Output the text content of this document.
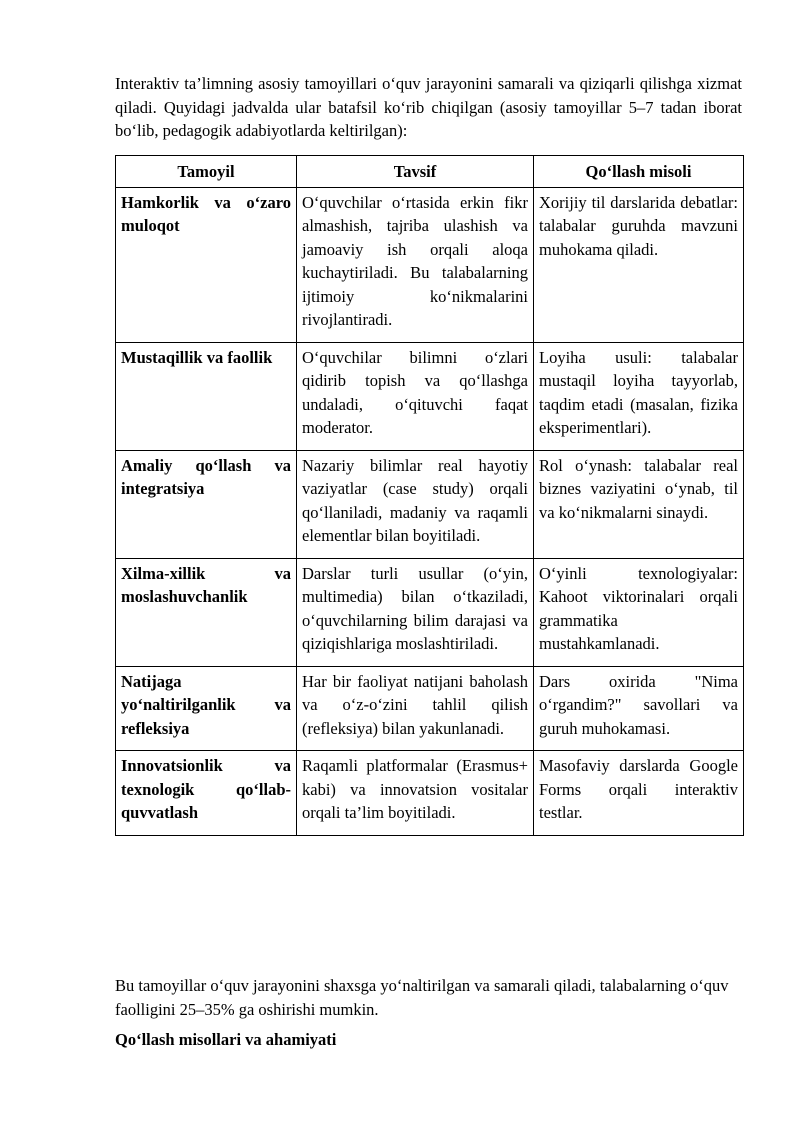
Interaktiv ta’limning asosiy tamoyillari o‘quv jarayonini samarali va qiziqarli qilishga xizmat qiladi. Quyidagi jadvalda ular batafsil ko‘rib chiqilgan (asosiy tamoyillar 5–7 tadan iborat bo‘lib, pedagogik adabiyotlarda keltirilgan):

Tamoyil	Tavsif	Qo‘llash misoli
Hamkorlik va o‘zaro muloqot	O‘quvchilar o‘rtasida erkin fikr almashish, tajriba ulashish va jamoaviy ish orqali aloqa kuchaytiriladi. Bu talabalarning ijtimoiy ko‘nikmalarini rivojlantiradi.	Xorijiy til darslarida debatlar: talabalar guruhda mavzuni muhokama qiladi.
Mustaqillik va faollik	O‘quvchilar bilimni o‘zlari qidirib topish va qo‘llashga undaladi, o‘qituvchi faqat moderator.	Loyiha usuli: talabalar mustaqil loyiha tayyorlab, taqdim etadi (masalan, fizika eksperimentlari).
Amaliy qo‘llash va integratsiya	Nazariy bilimlar real hayotiy vaziyatlar (case study) orqali qo‘llaniladi, madaniy va raqamli elementlar bilan boyitiladi.	Rol o‘ynash: talabalar real biznes vaziyatini o‘ynab, til va ko‘nikmalarni sinaydi.
Xilma-xillik va moslashuvchanlik	Darslar turli usullar (o‘yin, multimedia) bilan o‘tkaziladi, o‘quvchilarning bilim darajasi va qiziqishlariga moslashtiriladi.	O‘yinli texnologiyalar: Kahoot viktorinalari orqali grammatika mustahkamlanadi.
Natijaga yo‘naltirilganlik va refleksiya	Har bir faoliyat natijani baholash va o‘z-o‘zini tahlil qilish (refleksiya) bilan yakunlanadi.	Dars oxirida "Nima o‘rgandim?" savollari va guruh muhokamasi.
Innovatsionlik va texnologik qo‘llab-quvvatlash	Raqamli platformalar (Erasmus+ kabi) va innovatsion vositalar orqali ta’lim boyitiladi.	Masofaviy darslarda Google Forms orqali interaktiv testlar.

Bu tamoyillar o‘quv jarayonini shaxsga yo‘naltirilgan va samarali qiladi, talabalarning o‘quv faolligini 25–35% ga oshirishi mumkin.

Qo‘llash misollari va ahamiyati
